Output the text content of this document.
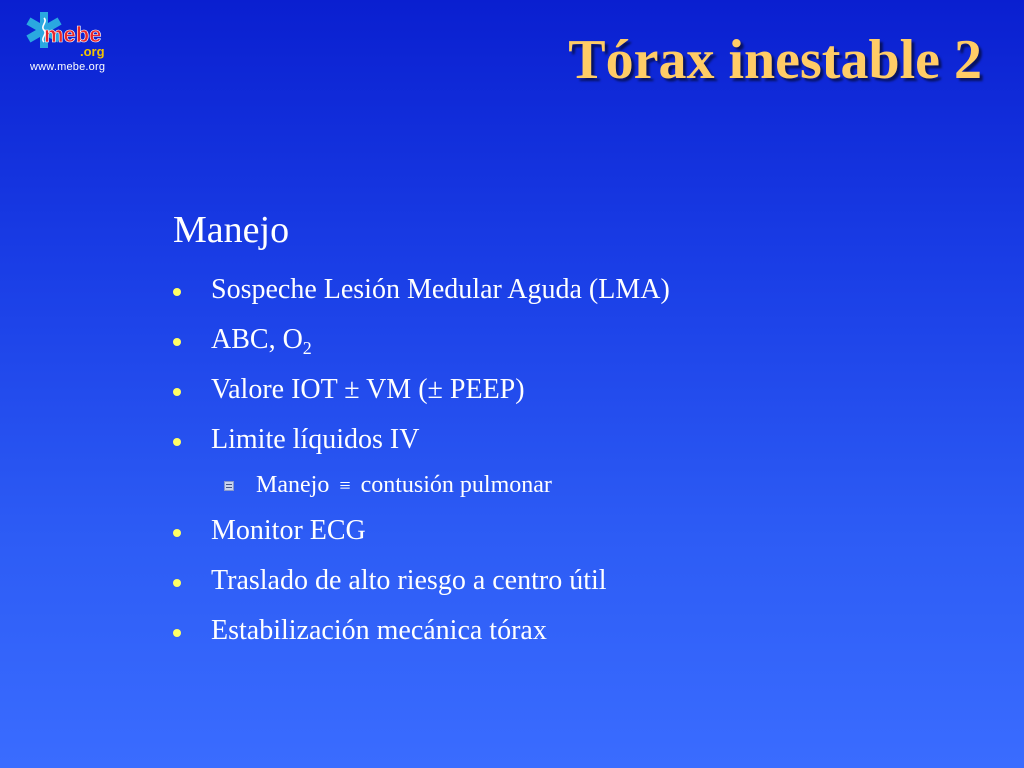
mebe
.org
www.mebe.org	Tórax inestable 2
Manejo
Sospeche Lesión Medular Aguda (LMA)
ABC, $O_2$
Valore IOT ± VM (± PEEP)
Limite líquidos IV
Manejo ≡ contusión pulmonar
Monitor ECG
Traslado de alto riesgo a centro útil
Estabilización mecánica tórax
